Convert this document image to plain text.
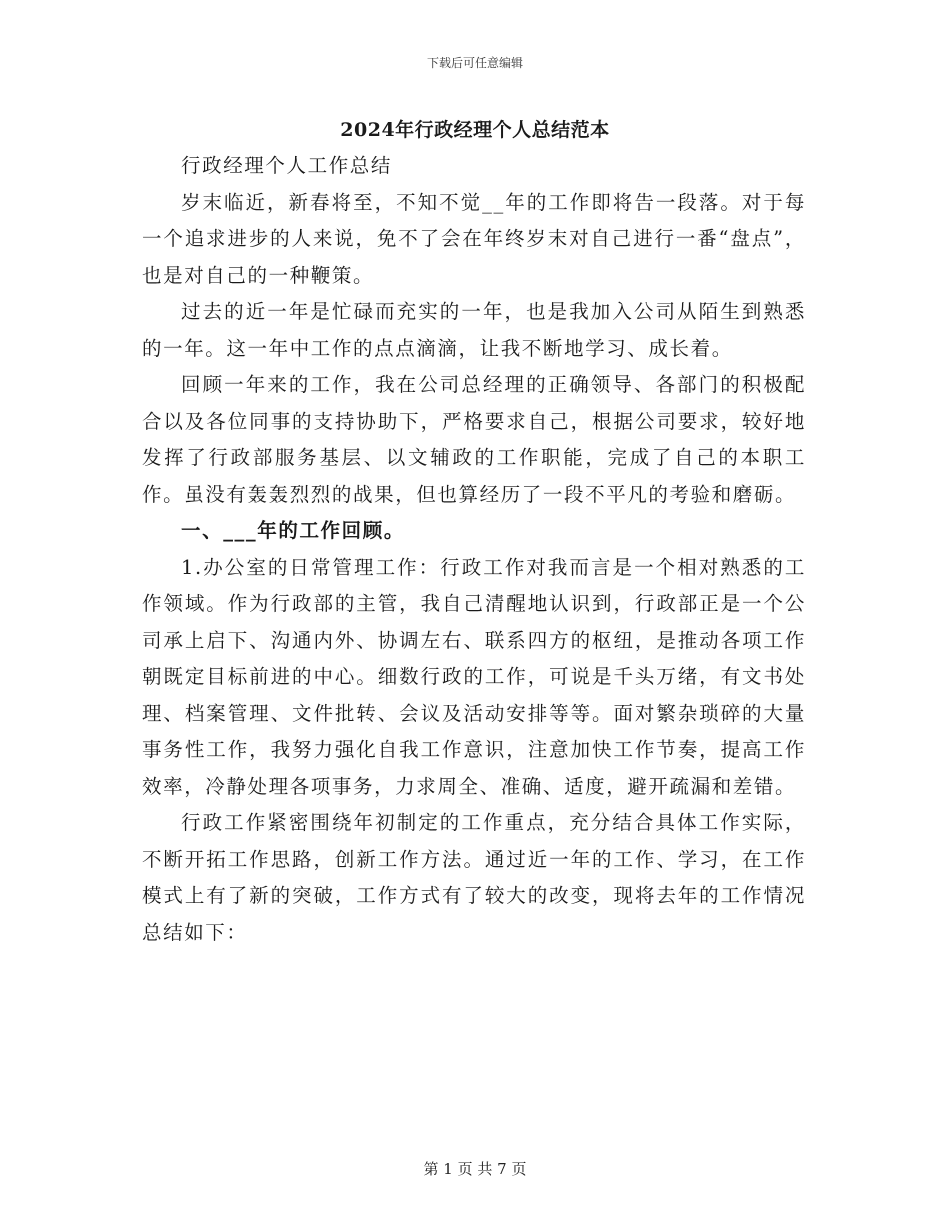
下载后可任意编辑
2024年行政经理个人总结范本

行政经理个人工作总结

岁末临近，新春将至，不知不觉__年的工作即将告一段落。对于每一个追求进步的人来说，免不了会在年终岁末对自己进行一番“盘点”，也是对自己的一种鞭策。

过去的近一年是忙碌而充实的一年，也是我加入公司从陌生到熟悉的一年。这一年中工作的点点滴滴，让我不断地学习、成长着。

回顾一年来的工作，我在公司总经理的正确领导、各部门的积极配合以及各位同事的支持协助下，严格要求自己，根据公司要求，较好地发挥了行政部服务基层、以文辅政的工作职能，完成了自己的本职工作。虽没有轰轰烈烈的战果，但也算经历了一段不平凡的考验和磨砺。

一、___年的工作回顾。

1.办公室的日常管理工作：行政工作对我而言是一个相对熟悉的工作领域。作为行政部的主管，我自己清醒地认识到，行政部正是一个公司承上启下、沟通内外、协调左右、联系四方的枢纽，是推动各项工作朝既定目标前进的中心。细数行政的工作，可说是千头万绪，有文书处理、档案管理、文件批转、会议及活动安排等等。面对繁杂琐碎的大量事务性工作，我努力强化自我工作意识，注意加快工作节奏，提高工作效率，冷静处理各项事务，力求周全、准确、适度，避开疏漏和差错。

行政工作紧密围绕年初制定的工作重点，充分结合具体工作实际，不断开拓工作思路，创新工作方法。通过近一年的工作、学习，在工作模式上有了新的突破，工作方式有了较大的改变，现将去年的工作情况总结如下：

第 1 页 共 7 页
